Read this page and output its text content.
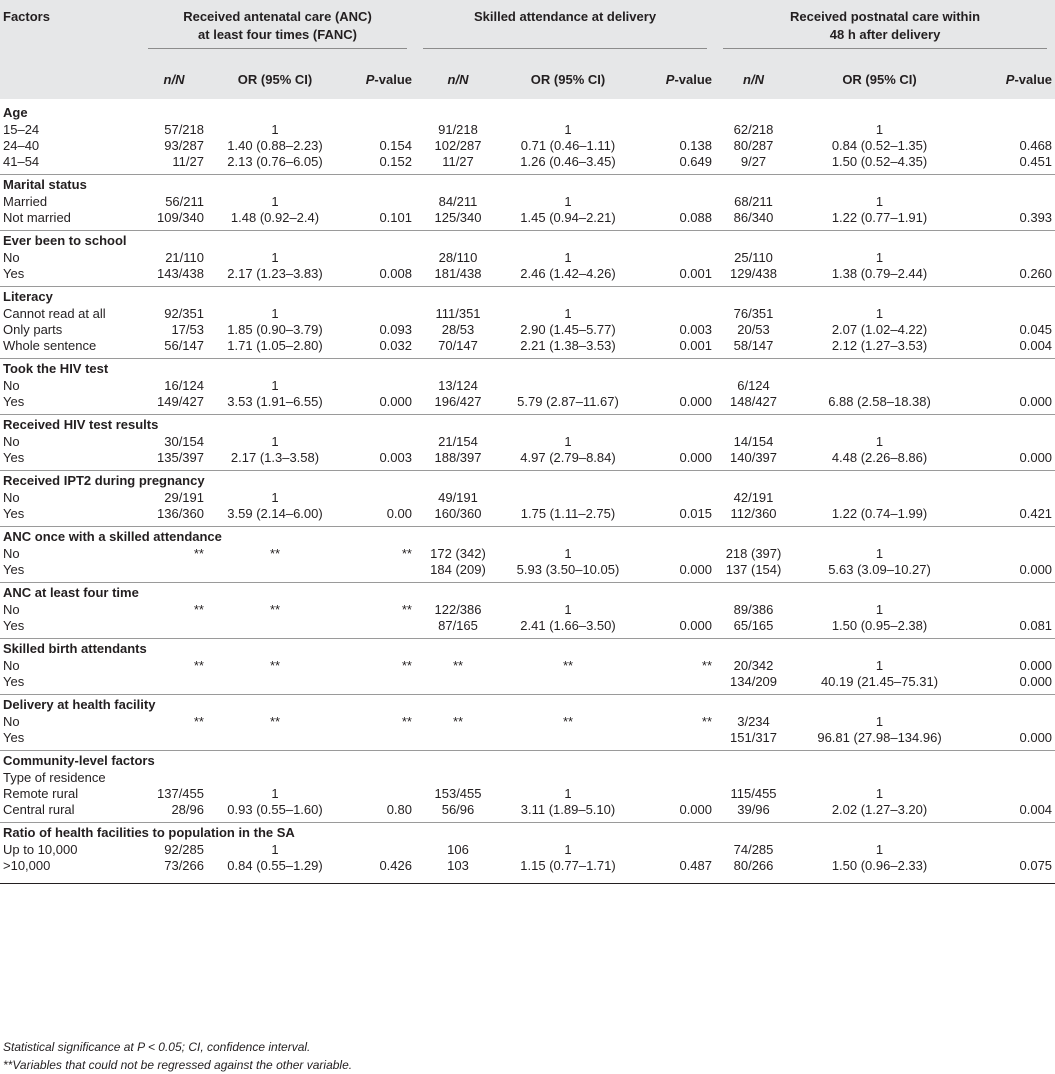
Factors	Received antenatal care (ANC)
at least four times (FANC)			Skilled attendance at delivery			Received postnatal care within
48 h after delivery		

	n/N	OR (95% CI)	P-value	n/N	OR (95% CI)	P-value	n/N	OR (95% CI)	P-value

Age									
15–24	57/218	1		91/218	1		62/218	1	
24–40	93/287	1.40 (0.88–2.23)	0.154	102/287	0.71 (0.46–1.11)	0.138	80/287	0.84 (0.52–1.35)	0.468
41–54	11/27	2.13 (0.76–6.05)	0.152	11/27	1.26 (0.46–3.45)	0.649	9/27	1.50 (0.52–4.35)	0.451

Marital status									
Married	56/211	1		84/211	1		68/211	1	
Not married	109/340	1.48 (0.92–2.4)	0.101	125/340	1.45 (0.94–2.21)	0.088	86/340	1.22 (0.77–1.91)	0.393

Ever been to school									
No	21/110	1		28/110	1		25/110	1	
Yes	143/438	2.17 (1.23–3.83)	0.008	181/438	2.46 (1.42–4.26)	0.001	129/438	1.38 (0.79–2.44)	0.260

Literacy									
Cannot read at all	92/351	1		111/351	1		76/351	1	
Only parts	17/53	1.85 (0.90–3.79)	0.093	28/53	2.90 (1.45–5.77)	0.003	20/53	2.07 (1.02–4.22)	0.045
Whole sentence	56/147	1.71 (1.05–2.80)	0.032	70/147	2.21 (1.38–3.53)	0.001	58/147	2.12 (1.27–3.53)	0.004

Took the HIV test									
No	16/124	1		13/124			6/124		
Yes	149/427	3.53 (1.91–6.55)	0.000	196/427	5.79 (2.87–11.67)	0.000	148/427	6.88 (2.58–18.38)	0.000

Received HIV test results									
No	30/154	1		21/154	1		14/154	1	
Yes	135/397	2.17 (1.3–3.58)	0.003	188/397	4.97 (2.79–8.84)	0.000	140/397	4.48 (2.26–8.86)	0.000

Received IPT2 during pregnancy									
No	29/191	1		49/191			42/191		
Yes	136/360	3.59 (2.14–6.00)	0.00	160/360	1.75 (1.11–2.75)	0.015	112/360	1.22 (0.74–1.99)	0.421

ANC once with a skilled attendance									
No	**	**	**	172 (342)	1		218 (397)	1	
Yes				184 (209)	5.93 (3.50–10.05)	0.000	137 (154)	5.63 (3.09–10.27)	0.000

ANC at least four time									
No	**	**	**	122/386	1		89/386	1	
Yes				87/165	2.41 (1.66–3.50)	0.000	65/165	1.50 (0.95–2.38)	0.081

Skilled birth attendants									
No	**	**	**	**	**	**	20/342	1	0.000
Yes							134/209	40.19 (21.45–75.31)	0.000

Delivery at health facility									
No	**	**	**	**	**	**	3/234	1	
Yes							151/317	96.81 (27.98–134.96)	0.000

Community-level factors									
Type of residence									
Remote rural	137/455	1		153/455	1		115/455	1	
Central rural	28/96	0.93 (0.55–1.60)	0.80	56/96	3.11 (1.89–5.10)	0.000	39/96	2.02 (1.27–3.20)	0.004

Ratio of health facilities to population in the SA									
Up to 10,000	92/285	1		106	1		74/285	1	
>10,000	73/266	0.84 (0.55–1.29)	0.426	103	1.15 (0.77–1.71)	0.487	80/266	1.50 (0.96–2.33)	0.075

Statistical significance at P < 0.05; CI, confidence interval.
**Variables that could not be regressed against the other variable.
